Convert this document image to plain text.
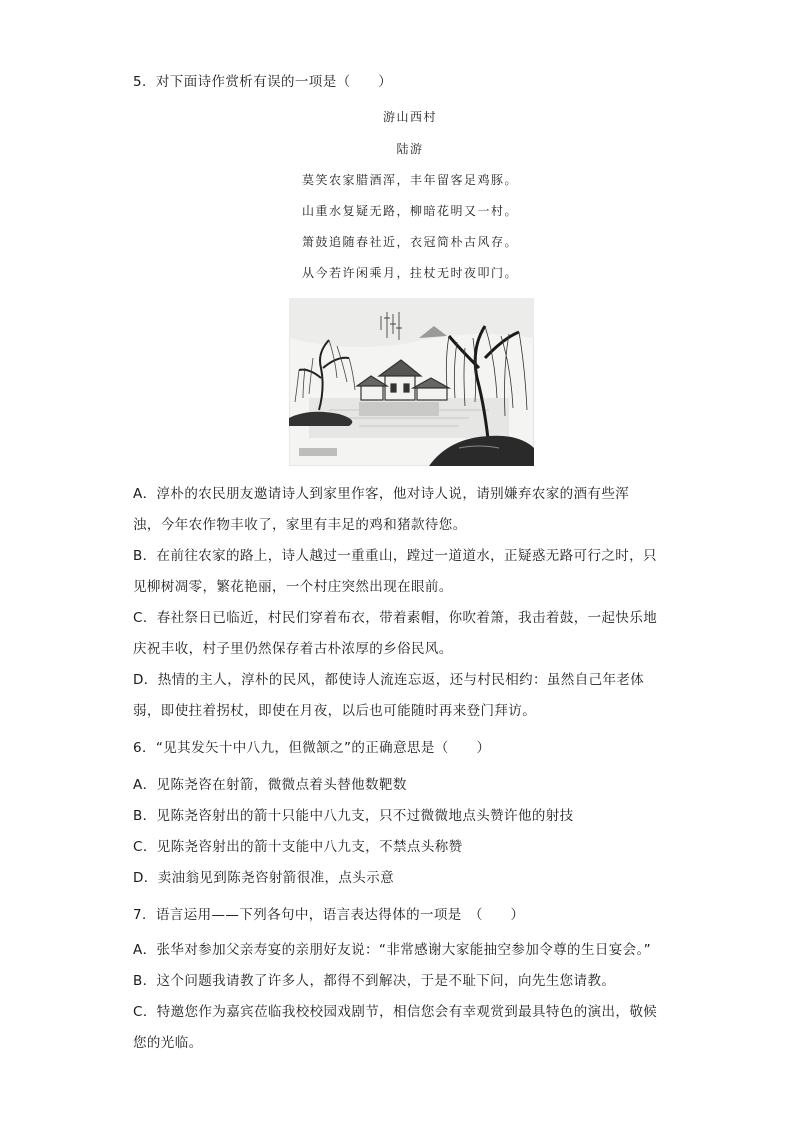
5．对下面诗作赏析有误的一项是（　　）
游山西村
陆游
莫笑农家腊酒浑，丰年留客足鸡豚。
山重水复疑无路，柳暗花明又一村。
箫鼓追随春社近，衣冠简朴古风存。
从今若许闲乘月，拄杖无时夜叩门。
A．淳朴的农民朋友邀请诗人到家里作客，他对诗人说，请别嫌弃农家的酒有些浑
浊，今年农作物丰收了，家里有丰足的鸡和猪款待您。
B．在前往农家的路上，诗人越过一重重山，蹚过一道道水，正疑惑无路可行之时，只
见柳树凋零，繁花艳丽，一个村庄突然出现在眼前。
C．春社祭日已临近，村民们穿着布衣，带着素帽，你吹着箫，我击着鼓，一起快乐地
庆祝丰收，村子里仍然保存着古朴浓厚的乡俗民风。
D．热情的主人，淳朴的民风，都使诗人流连忘返，还与村民相约：虽然自己年老体
弱，即使拄着拐杖，即使在月夜，以后也可能随时再来登门拜访。
6．“见其发矢十中八九，但微颔之”的正确意思是（　　）
A．见陈尧咨在射箭，微微点着头替他数靶数
B．见陈尧咨射出的箭十只能中八九支，只不过微微地点头赞许他的射技
C．见陈尧咨射出的箭十支能中八九支，不禁点头称赞
D．卖油翁见到陈尧咨射箭很准，点头示意
7．语言运用——下列各句中，语言表达得体的一项是　（　　）
A．张华对参加父亲寿宴的亲朋好友说：“非常感谢大家能抽空参加令尊的生日宴会。”
B．这个问题我请教了许多人，都得不到解决，于是不耻下问，向先生您请教。
C．特邀您作为嘉宾莅临我校校园戏剧节，相信您会有幸观赏到最具特色的演出，敬候
您的光临。
